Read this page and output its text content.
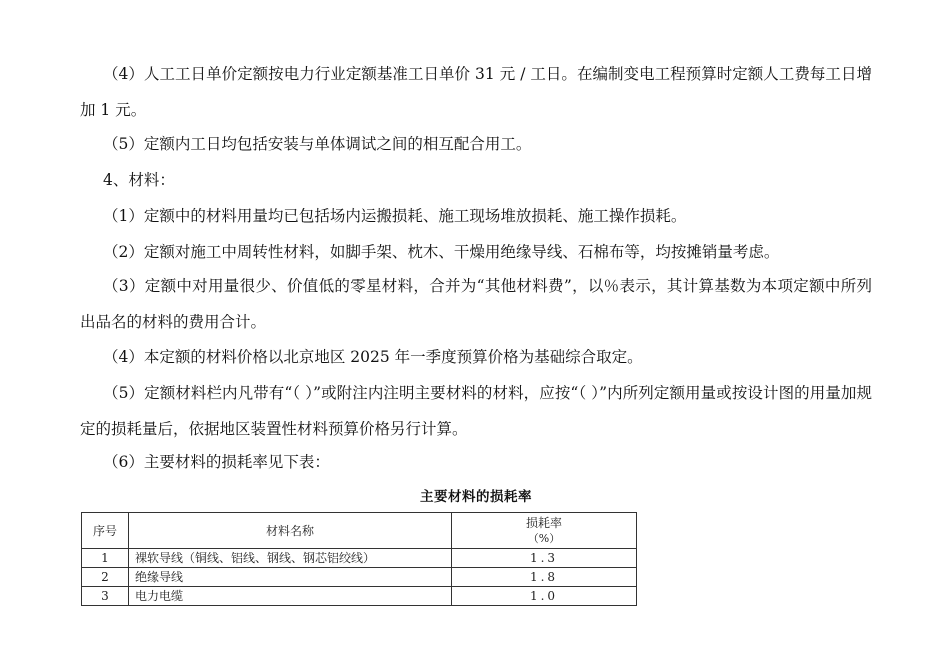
（4）人工工日单价定额按电力行业定额基准工日单价 31 元 / 工日。在编制变电工程预算时定额人工费每工日增加 1 元。

（5）定额内工日均包括安装与单体调试之间的相互配合用工。

4、材料：

（1）定额中的材料用量均已包括场内运搬损耗、施工现场堆放损耗、施工操作损耗。

（2）定额对施工中周转性材料，如脚手架、枕木、干燥用绝缘导线、石棉布等，均按摊销量考虑。

（3）定额中对用量很少、价值低的零星材料，合并为“其他材料费”，以％表示，其计算基数为本项定额中所列出品名的材料的费用合计。

（4）本定额的材料价格以北京地区 2025 年一季度预算价格为基础综合取定。

（5）定额材料栏内凡带有“（ ）”或附注内注明主要材料的材料，应按“（ ）”内所列定额用量或按设计图的用量加规定的损耗量后，依据地区装置性材料预算价格另行计算。

（6）主要材料的损耗率见下表：

主要材料的损耗率
序号	材料名称	损耗率
（%）

1	裸软导线（铜线、铝线、钢线、钢芯铝绞线）	1.3
2	绝缘导线	1.8
3	电力电缆	1.0
